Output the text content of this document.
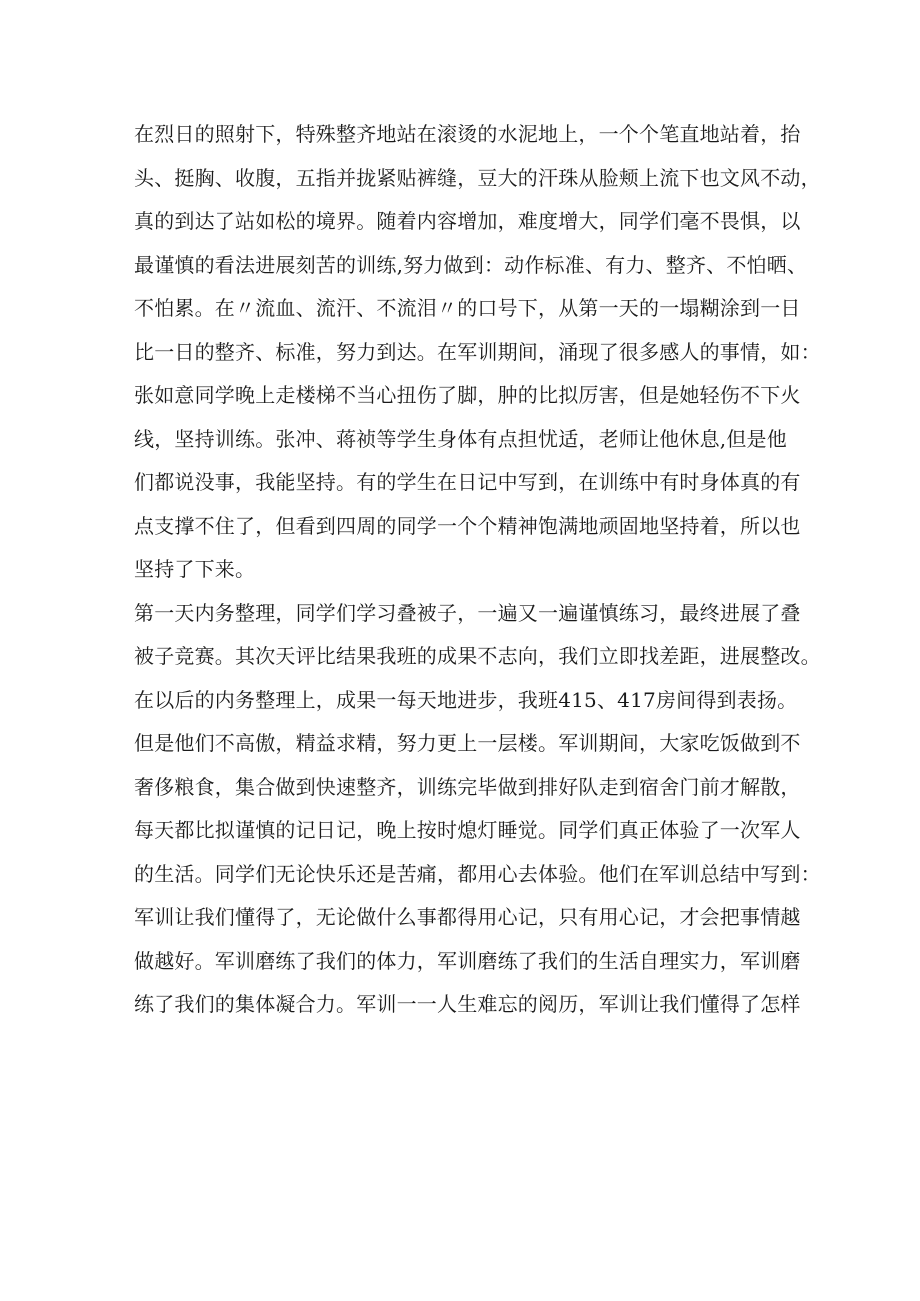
在烈日的照射下，特殊整齐地站在滚烫的水泥地上，一个个笔直地站着，抬
头、挺胸、收腹，五指并拢紧贴裤缝，豆大的汗珠从脸颊上流下也文风不动，
真的到达了站如松的境界。随着内容增加，难度增大，同学们毫不畏惧，以
最谨慎的看法进展刻苦的训练,努力做到：动作标准、有力、整齐、不怕晒、
不怕累。在〃流血、流汗、不流泪〃的口号下，从第一天的一塌糊涂到一日
比一日的整齐、标准，努力到达。在军训期间，涌现了很多感人的事情，如：
张如意同学晚上走楼梯不当心扭伤了脚，肿的比拟厉害，但是她轻伤不下火
线，坚持训练。张冲、蒋祯等学生身体有点担忧适，老师让他休息,但是他
们都说没事，我能坚持。有的学生在日记中写到，在训练中有时身体真的有
点支撑不住了，但看到四周的同学一个个精神饱满地顽固地坚持着，所以也
坚持了下来。
第一天内务整理，同学们学习叠被子，一遍又一遍谨慎练习，最终进展了叠
被子竞赛。其次天评比结果我班的成果不志向，我们立即找差距，进展整改。
在以后的内务整理上，成果一每天地进步，我班415、417房间得到表扬。
但是他们不高傲，精益求精，努力更上一层楼。军训期间，大家吃饭做到不
奢侈粮食，集合做到快速整齐，训练完毕做到排好队走到宿舍门前才解散，
每天都比拟谨慎的记日记，晚上按时熄灯睡觉。同学们真正体验了一次军人
的生活。同学们无论快乐还是苦痛，都用心去体验。他们在军训总结中写到：
军训让我们懂得了，无论做什么事都得用心记，只有用心记，才会把事情越
做越好。军训磨练了我们的体力，军训磨练了我们的生活自理实力，军训磨
练了我们的集体凝合力。军训一一人生难忘的阅历，军训让我们懂得了怎样
